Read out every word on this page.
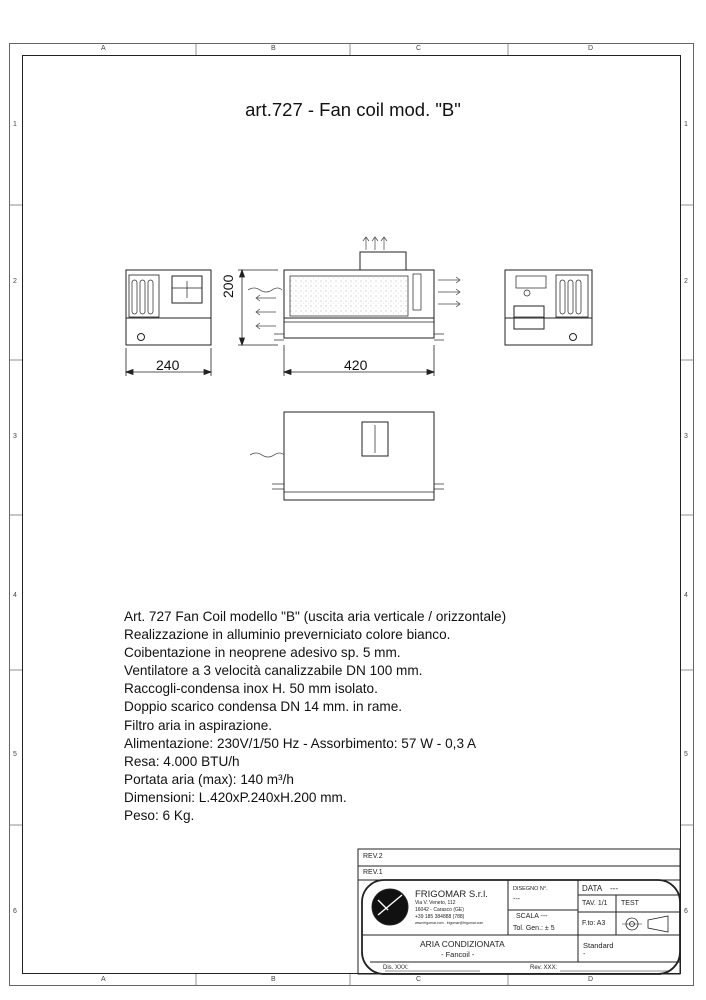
A	B	C	D
A	B	C	D
1
2
3
4
5
6
1
2
3
4
5
6
art.727 - Fan coil mod. "B"
240	420
200
Art. 727 Fan Coil modello "B" (uscita aria verticale / orizzontale)
Realizzazione in alluminio preverniciato colore bianco.
Coibentazione in neoprene adesivo sp. 5 mm.
Ventilatore a 3 velocità canalizzabile DN 100 mm.
Raccogli-condensa inox H. 50 mm isolato.
Doppio scarico condensa DN 14 mm. in rame.
Filtro aria in aspirazione.
Alimentazione: 230V/1/50 Hz - Assorbimento: 57 W - 0,3 A
Resa: 4.000 BTU/h
Portata aria (max): 140 m³/h
Dimensioni: L.420xP.240xH.200 mm.
Peso: 6 Kg.
REV.2
REV.1
FRIGOMAR S.r.l.
Via V. Veneto, 112
16042 - Carasco (GE)
+39 185 384888 (788)
www.frigomar.com - frigomar@frigomar.com
DISEGNO N°.
---
SCALA ---
Tol. Gen.: ± 5
DATA ---
TAV. 1/1 TEST
F.to: A3
ARIA CONDIZIONATA
- Fancoil -
Standard
-
Dis. XXX:	Rev. XXX:
